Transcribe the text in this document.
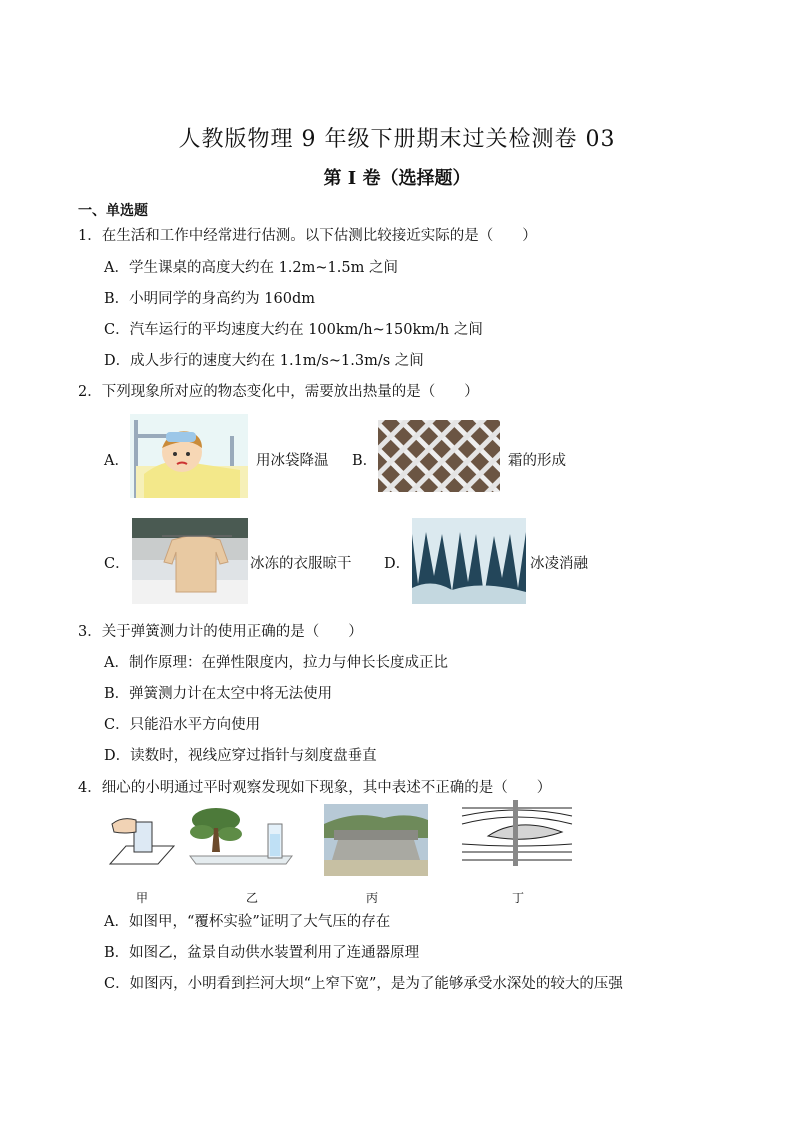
人教版物理 9 年级下册期末过关检测卷 03
第 I 卷（选择题）
一、单选题
1．在生活和工作中经常进行估测。以下估测比较接近实际的是（　　）
A．学生课桌的高度大约在 1.2m~1.5m 之间
B．小明同学的身高约为 160dm
C．汽车运行的平均速度大约在 100km/h~150km/h 之间
D．成人步行的速度大约在 1.1m/s~1.3m/s 之间
2．下列现象所对应的物态变化中，需要放出热量的是（　　）
A．	用冰袋降温 B．	霜的形成
C．	冰冻的衣服晾干 D．	冰凌消融
3．关于弹簧测力计的使用正确的是（　　）
A．制作原理：在弹性限度内，拉力与伸长长度成正比
B．弹簧测力计在太空中将无法使用
C．只能沿水平方向使用
D．读数时，视线应穿过指针与刻度盘垂直
4．细心的小明通过平时观察发现如下现象，其中表述不正确的是（　　）
甲	乙	丙	丁
A．如图甲，“覆杯实验”证明了大气压的存在
B．如图乙，盆景自动供水装置利用了连通器原理
C．如图丙，小明看到拦河大坝“上窄下宽”，是为了能够承受水深处的较大的压强
